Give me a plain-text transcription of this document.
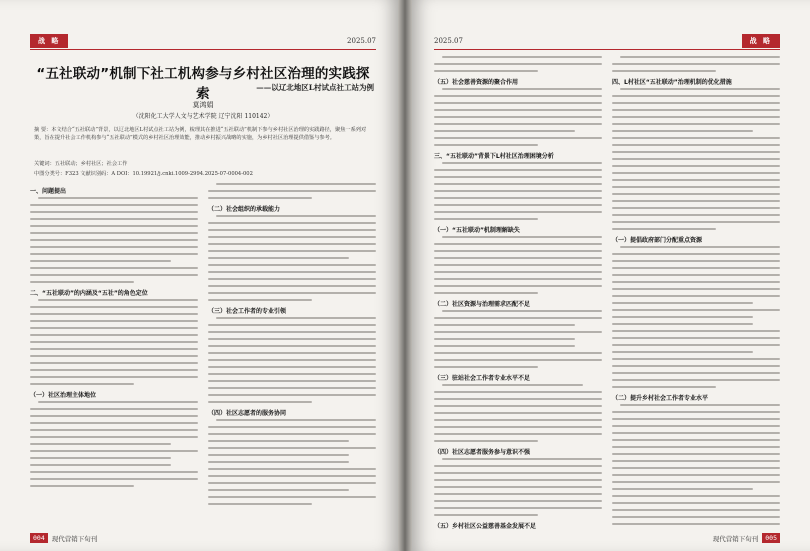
战 略	2025.07
“五社联动”机制下社工机构参与乡村社区治理的实践探索	——以辽北地区L村试点社工站为例
莫鸿娟
（沈阳化工大学人文与艺术学院 辽宁沈阳 110142）
摘 要：本文结合“五社联动”背景，以辽北地区L村试点社工站为例，梳理其在推进“五社联动”机制下参与乡村社区治理的实践路径，聚焦一系列对策，旨在提升社会工作机构参与“五社联动”模式的乡村社区治理效能，推动乡村振兴战略的实施，为乡村社区治理提供借鉴与参考。
关键词：五社联动；乡村社区；社会工作
中图分类号：F323 文献识别码：A DOI：10.19921/j.cnki.1009-2994.2025-07-0004-002
一、问题提出
二、“五社联动”的内涵及“五社”的角色定位
（一）社区治理主体地位
（二）社会组织的承载能力
（三）社会工作者的专业引领
（四）社区志愿者的服务协同
004	现代营销下旬刊
2025.07	战 略
（五）社会慈善资源的聚合作用
三、“五社联动”背景下L村社区治理困境分析
（一）“五社联动”机制理解缺失
（二）社区资源与治理需求匹配不足
（三）驻站社会工作者专业水平不足
（四）社区志愿者服务参与意识不强
（五）乡村社区公益慈善基金发展不足
四、L村社区“五社联动”治理机制的优化措施
（一）提倡政府部门分配重点资源
（二）提升乡村社会工作者专业水平
现代营销下旬刊	005
